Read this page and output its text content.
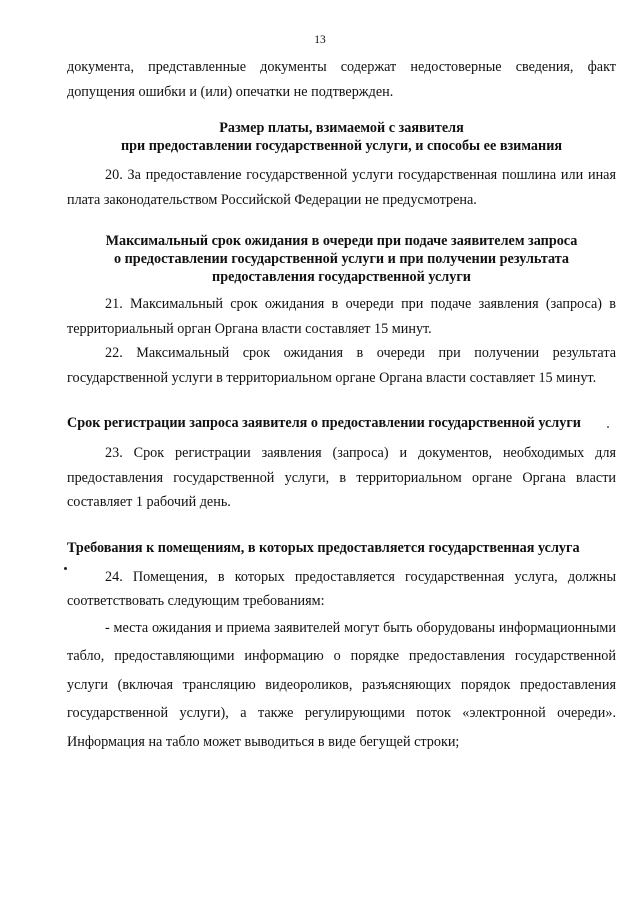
13

документа, представленные документы содержат недостоверные сведения, факт допущения ошибки и (или) опечатки не подтвержден.

Размер платы, взимаемой с заявителя
при предоставлении государственной услуги, и способы ее взимания

20. За предоставление государственной услуги государственная пошлина или иная плата законодательством Российской Федерации не предусмотрена.

Максимальный срок ожидания в очереди при подаче заявителем запроса
о предоставлении государственной услуги и при получении результата
предоставления государственной услуги

21. Максимальный срок ожидания в очереди при подаче заявления (запроса) в территориальный орган Органа власти составляет 15 минут.

22. Максимальный срок ожидания в очереди при получении результата государственной услуги в территориальном органе Органа власти составляет 15 минут.

Срок регистрации запроса заявителя о предоставлении государственной услуги

23. Срок регистрации заявления (запроса) и документов, необходимых для предоставления государственной услуги, в территориальном органе Органа власти составляет 1 рабочий день.

Требования к помещениям, в которых предоставляется государственная услуга

24. Помещения, в которых предоставляется государственная услуга, должны соответствовать следующим требованиям:

- места ожидания и приема заявителей могут быть оборудованы информационными табло, предоставляющими информацию о порядке предоставления государственной услуги (включая трансляцию видеороликов, разъясняющих порядок предоставления государственной услуги), а также регулирующими поток «электронной очереди». Информация на табло может выводиться в виде бегущей строки;
